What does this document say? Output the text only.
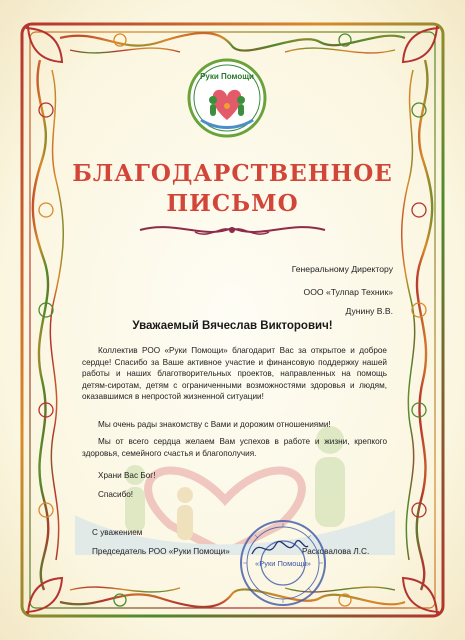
Руки Помощи
БЛАГОДАРСТВЕННОЕ
ПИСЬМО
Генеральному Директору
ООО «Тулпар Техник»
Дунину В.В.
Уважаемый Вячеслав Викторович!

Коллектив РОО «Руки Помощи» благодарит Вас за открытое и доброе сердце! Спасибо за Ваше активное участие и финансовую поддержку нашей работы и наших благотворительных проектов, направленных на помощь детям-сиротам, детям с ограниченными возможностями здоровья и людям, оказавшимся в непростой жизненной ситуации!

Мы очень рады знакомству с Вами и дорожим отношениями!

Мы от всего сердца желаем Вам успехов в работе и жизни, крепкого здоровья, семейного счастья и благополучия.

Храни Вас Бог!
Спасибо!
С уважением
Председатель РОО «Руки Помощи»	Расковалова Л.С.
«Руки Помощи»
